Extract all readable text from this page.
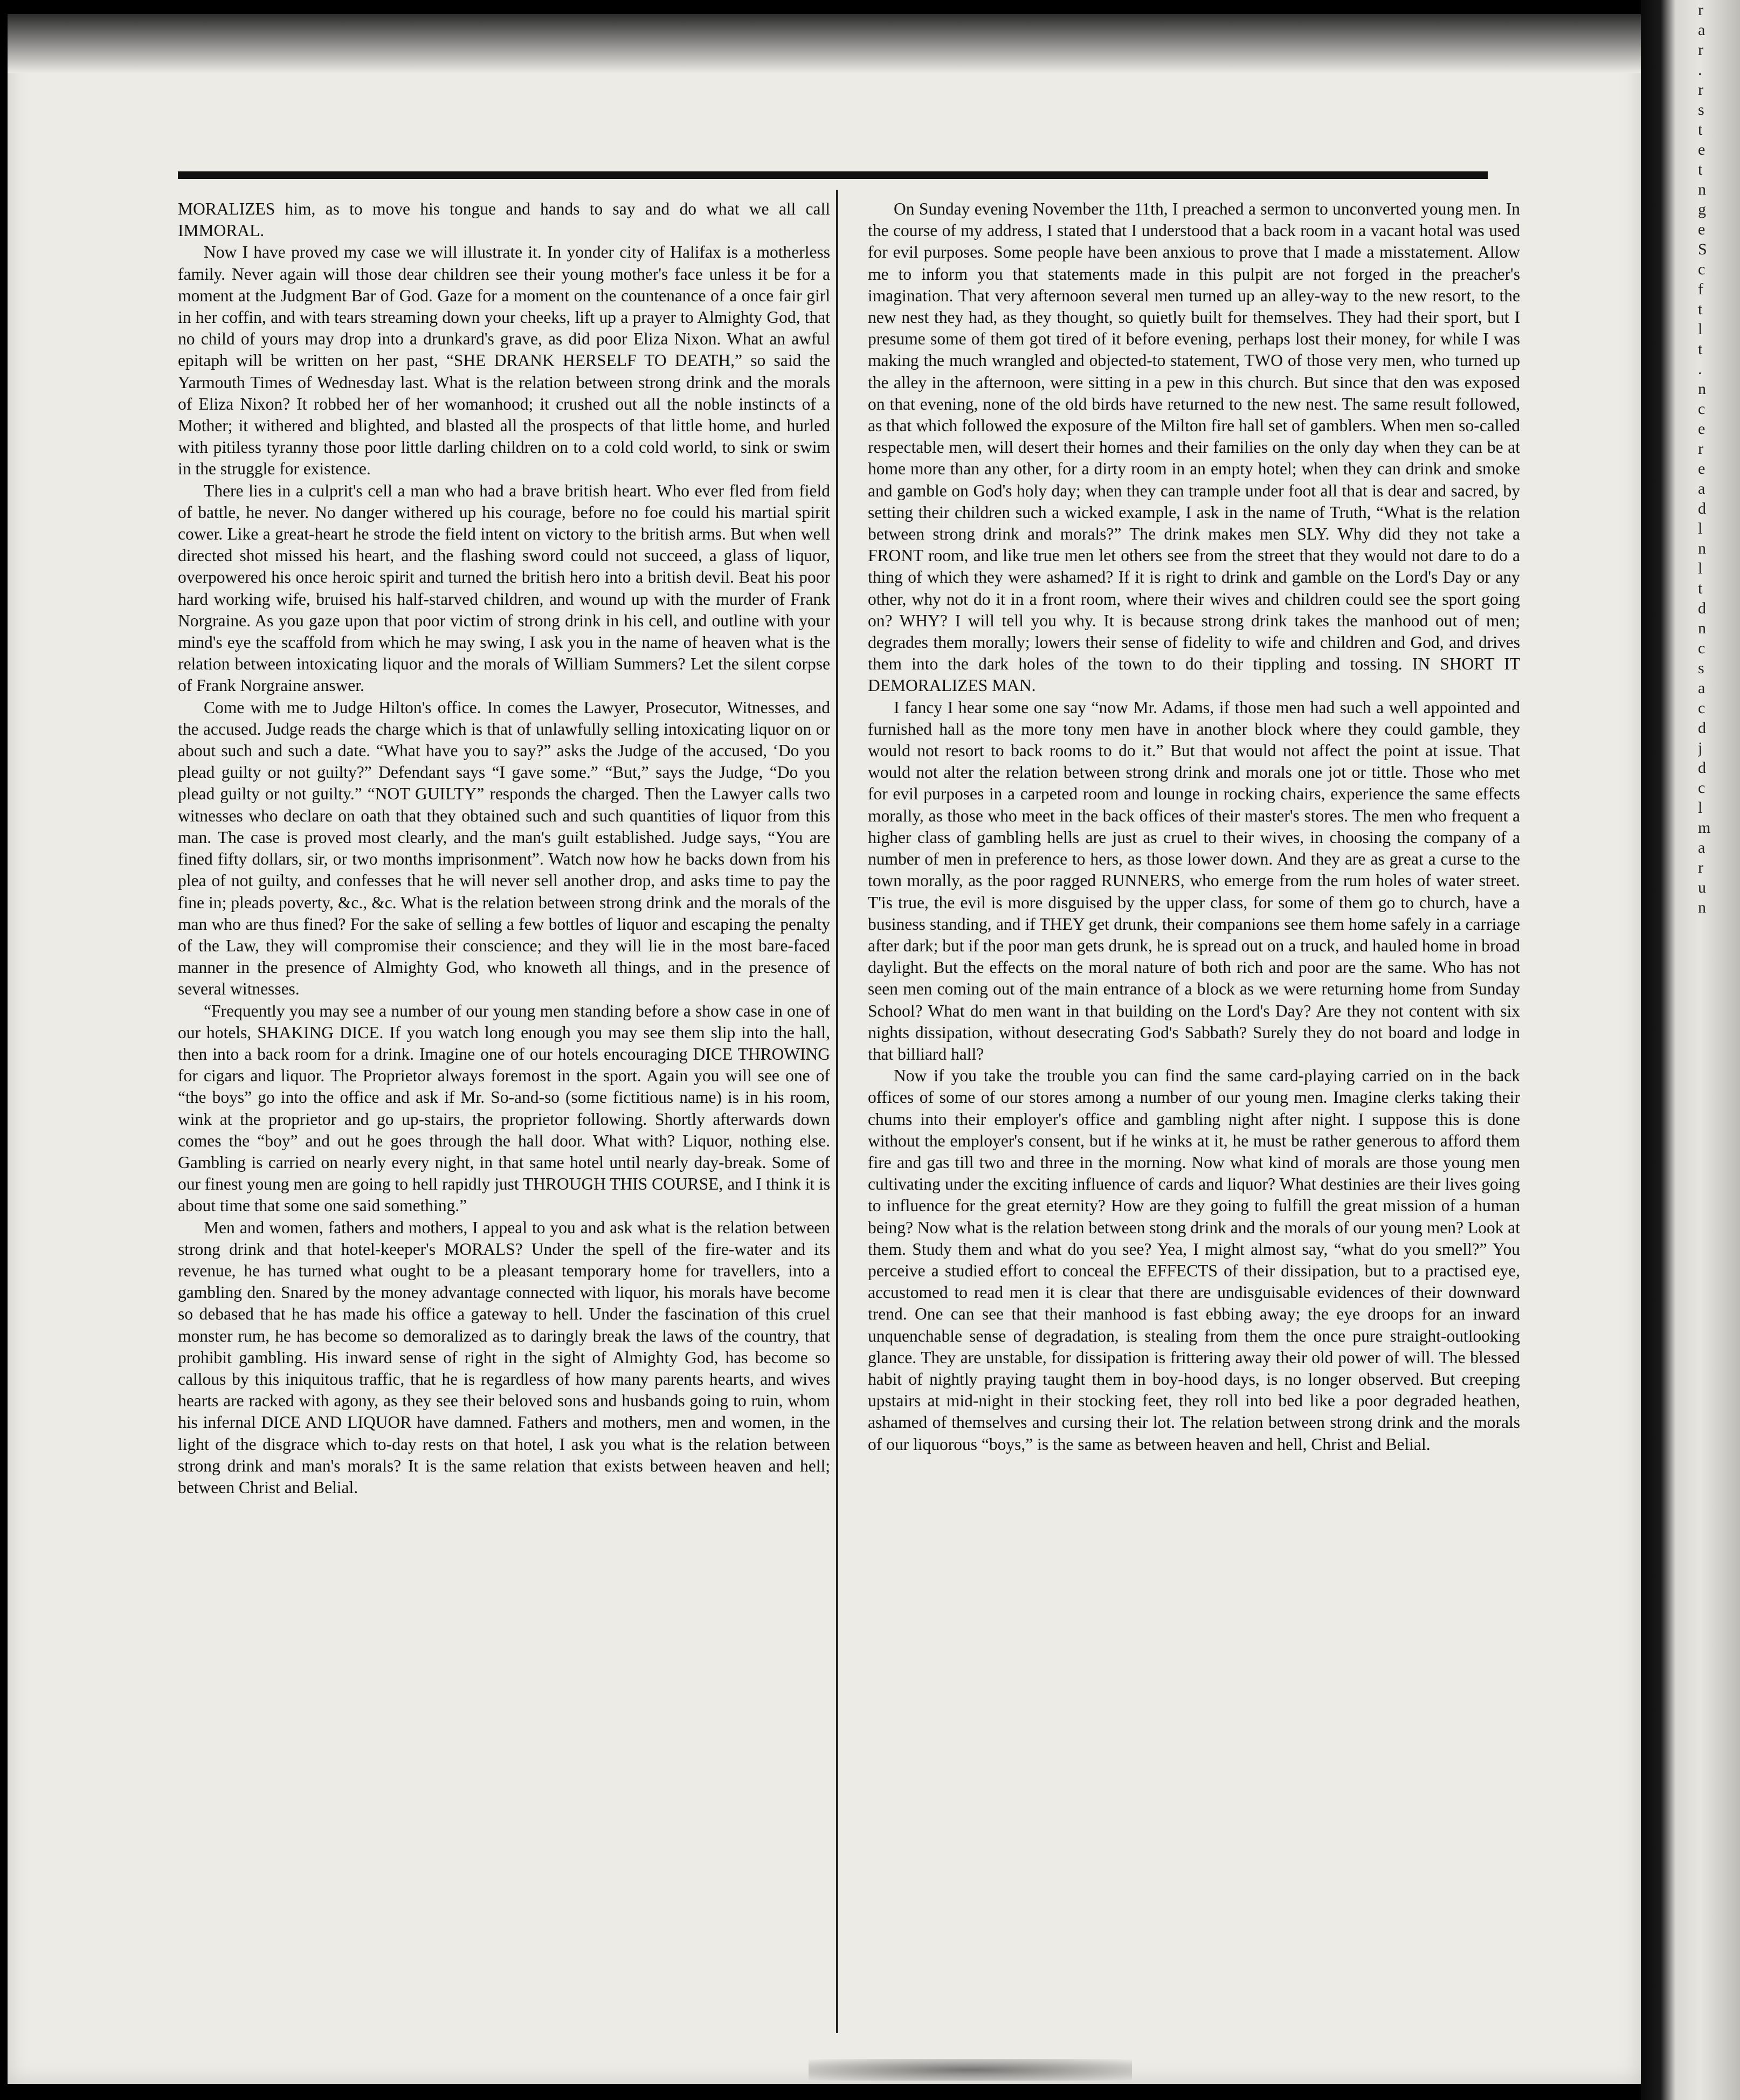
MORALIZES him, as to move his tongue and hands to say and do what we all call IMMORAL.

Now I have proved my case we will illustrate it. In yonder city of Halifax is a motherless family. Never again will those dear children see their young mother's face unless it be for a moment at the Judgment Bar of God. Gaze for a moment on the countenance of a once fair girl in her coffin, and with tears streaming down your cheeks, lift up a prayer to Almighty God, that no child of yours may drop into a drunkard's grave, as did poor Eliza Nixon. What an awful epitaph will be written on her past, “SHE DRANK HERSELF TO DEATH,” so said the Yarmouth Times of Wednesday last. What is the relation between strong drink and the morals of Eliza Nixon? It robbed her of her womanhood; it crushed out all the noble instincts of a Mother; it withered and blighted, and blasted all the prospects of that little home, and hurled with pitiless tyranny those poor little darling children on to a cold cold world, to sink or swim in the struggle for existence.

There lies in a culprit's cell a man who had a brave british heart. Who ever fled from field of battle, he never. No danger withered up his courage, before no foe could his martial spirit cower. Like a great-heart he strode the field intent on victory to the british arms. But when well directed shot missed his heart, and the flashing sword could not succeed, a glass of liquor, overpowered his once heroic spirit and turned the british hero into a british devil. Beat his poor hard working wife, bruised his half-starved children, and wound up with the murder of Frank Norgraine. As you gaze upon that poor victim of strong drink in his cell, and outline with your mind's eye the scaffold from which he may swing, I ask you in the name of heaven what is the relation between intoxicating liquor and the morals of William Summers? Let the silent corpse of Frank Norgraine answer.

Come with me to Judge Hilton's office. In comes the Lawyer, Prosecutor, Witnesses, and the accused. Judge reads the charge which is that of unlawfully selling intoxicating liquor on or about such and such a date. “What have you to say?” asks the Judge of the accused, ‘Do you plead guilty or not guilty?” Defendant says “I gave some.” “But,” says the Judge, “Do you plead guilty or not guilty.” “NOT GUILTY” responds the charged. Then the Lawyer calls two witnesses who declare on oath that they obtained such and such quantities of liquor from this man. The case is proved most clearly, and the man's guilt established. Judge says, “You are fined fifty dollars, sir, or two months imprisonment”. Watch now how he backs down from his plea of not guilty, and confesses that he will never sell another drop, and asks time to pay the fine in; pleads poverty, &c., &c. What is the relation between strong drink and the morals of the man who are thus fined? For the sake of selling a few bottles of liquor and escaping the penalty of the Law, they will compromise their conscience; and they will lie in the most bare-faced manner in the presence of Almighty God, who knoweth all things, and in the presence of several witnesses.

“Frequently you may see a number of our young men standing before a show case in one of our hotels, SHAKING DICE. If you watch long enough you may see them slip into the hall, then into a back room for a drink. Imagine one of our hotels encouraging DICE THROWING for cigars and liquor. The Proprietor always foremost in the sport. Again you will see one of “the boys” go into the office and ask if Mr. So-and-so (some fictitious name) is in his room, wink at the proprietor and go up-stairs, the proprietor following. Shortly afterwards down comes the “boy” and out he goes through the hall door. What with? Liquor, nothing else. Gambling is carried on nearly every night, in that same hotel until nearly day-break. Some of our finest young men are going to hell rapidly just THROUGH THIS COURSE, and I think it is about time that some one said something.”

Men and women, fathers and mothers, I appeal to you and ask what is the relation between strong drink and that hotel-keeper's MORALS? Under the spell of the fire-water and its revenue, he has turned what ought to be a pleasant temporary home for travellers, into a gambling den. Snared by the money advantage connected with liquor, his morals have become so debased that he has made his office a gateway to hell. Under the fascination of this cruel monster rum, he has become so demoralized as to daringly break the laws of the country, that prohibit gambling. His inward sense of right in the sight of Almighty God, has become so callous by this iniquitous traffic, that he is regardless of how many parents hearts, and wives hearts are racked with agony, as they see their beloved sons and husbands going to ruin, whom his infernal DICE AND LIQUOR have damned. Fathers and mothers, men and women, in the light of the disgrace which to-day rests on that hotel, I ask you what is the relation between strong drink and man's morals? It is the same relation that exists between heaven and hell; between Christ and Belial.

On Sunday evening November the 11th, I preached a sermon to unconverted young men. In the course of my address, I stated that I understood that a back room in a vacant hotal was used for evil purposes. Some people have been anxious to prove that I made a misstatement. Allow me to inform you that statements made in this pulpit are not forged in the preacher's imagination. That very afternoon several men turned up an alley-way to the new resort, to the new nest they had, as they thought, so quietly built for themselves. They had their sport, but I presume some of them got tired of it before evening, perhaps lost their money, for while I was making the much wrangled and objected-to statement, TWO of those very men, who turned up the alley in the afternoon, were sitting in a pew in this church. But since that den was exposed on that evening, none of the old birds have returned to the new nest. The same result followed, as that which followed the exposure of the Milton fire hall set of gamblers. When men so-called respectable men, will desert their homes and their families on the only day when they can be at home more than any other, for a dirty room in an empty hotel; when they can drink and smoke and gamble on God's holy day; when they can trample under foot all that is dear and sacred, by setting their children such a wicked example, I ask in the name of Truth, “What is the relation between strong drink and morals?” The drink makes men SLY. Why did they not take a FRONT room, and like true men let others see from the street that they would not dare to do a thing of which they were ashamed? If it is right to drink and gamble on the Lord's Day or any other, why not do it in a front room, where their wives and children could see the sport going on? WHY? I will tell you why. It is because strong drink takes the manhood out of men; degrades them morally; lowers their sense of fidelity to wife and children and God, and drives them into the dark holes of the town to do their tippling and tossing. IN SHORT IT DEMORALIZES MAN.

I fancy I hear some one say “now Mr. Adams, if those men had such a well appointed and furnished hall as the more tony men have in another block where they could gamble, they would not resort to back rooms to do it.” But that would not affect the point at issue. That would not alter the relation between strong drink and morals one jot or tittle. Those who met for evil purposes in a carpeted room and lounge in rocking chairs, experience the same effects morally, as those who meet in the back offices of their master's stores. The men who frequent a higher class of gambling hells are just as cruel to their wives, in choosing the company of a number of men in preference to hers, as those lower down. And they are as great a curse to the town morally, as the poor ragged RUNNERS, who emerge from the rum holes of water street. T'is true, the evil is more disguised by the upper class, for some of them go to church, have a business standing, and if THEY get drunk, their companions see them home safely in a carriage after dark; but if the poor man gets drunk, he is spread out on a truck, and hauled home in broad daylight. But the effects on the moral nature of both rich and poor are the same. Who has not seen men coming out of the main entrance of a block as we were returning home from Sunday School? What do men want in that building on the Lord's Day? Are they not content with six nights dissipation, without desecrating God's Sabbath? Surely they do not board and lodge in that billiard hall?

Now if you take the trouble you can find the same card-playing carried on in the back offices of some of our stores among a number of our young men. Imagine clerks taking their chums into their employer's office and gambling night after night. I suppose this is done without the employer's consent, but if he winks at it, he must be rather generous to afford them fire and gas till two and three in the morning. Now what kind of morals are those young men cultivating under the exciting influence of cards and liquor? What destinies are their lives going to influence for the great eternity? How are they going to fulfill the great mission of a human being? Now what is the relation between stong drink and the morals of our young men? Look at them. Study them and what do you see? Yea, I might almost say, “what do you smell?” You perceive a studied effort to conceal the EFFECTS of their dissipation, but to a practised eye, accustomed to read men it is clear that there are undisguisable evidences of their downward trend. One can see that their manhood is fast ebbing away; the eye droops for an inward unquenchable sense of degradation, is stealing from them the once pure straight-outlooking glance. They are unstable, for dissipation is frittering away their old power of will. The blessed habit of nightly praying taught them in boy-hood days, is no longer observed. But creeping upstairs at mid-night in their stocking feet, they roll into bed like a poor degraded heathen, ashamed of themselves and cursing their lot. The relation between strong drink and the morals of our liquorous “boys,” is the same as between heaven and hell, Christ and Belial.

r
a
r
.
r
s
t
e
t
n
g
e
S
c
f
t
l
t
.
n
c
e
r
e
a
d
l
n
l
t
d
n
c
s
a
c
d
j
d
c
l
m
a
r
u
n
